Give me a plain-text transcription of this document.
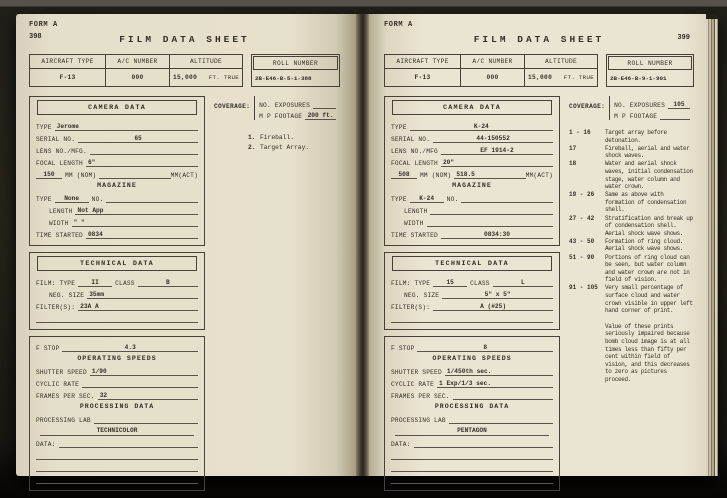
FORM A
398	FILM DATA SHEET
AIRCRAFT TYPE	A/C NUMBER	ALTITUDE
F-13	000	15,000 FT. TRUE
ROLL NUMBER
2B-E46-B-5-1-388
CAMERA DATA
TYPE Jerome
SERIAL NO.	65
LENS NO./MFG.
FOCAL LENGTH 6"
150	MM (NOM)	MM(ACT)
MAGAZINE
TYPE	None	NO.
LENGTH Not App
WIDTH " "
TIME STARTED 0834
TECHNICAL DATA
FILM: TYPE	II	CLASS	B
NEG. SIZE 35mm
FILTER(S): 23A A
F STOP	4.3
OPERATING SPEEDS
SHUTTER SPEED 1/90
CYCLIC RATE
FRAMES PER SEC. 32
PROCESSING DATA
PROCESSING LAB
TECHNICOLOR
DATA:
COVERAGE: NO. EXPOSURES
M P FOOTAGE 200 ft.
1. Fireball.
2. Target Array.
FORM A
399
FILM DATA SHEET
AIRCRAFT TYPE	A/C NUMBER	ALTITUDE
F-13	000	15,000 FT. TRUE
ROLL NUMBER
2B-E46-B-9-1-901
CAMERA DATA
TYPE	K-24
SERIAL NO.	44-150552
LENS NO./MFG	EF 1914-2
FOCAL LENGTH 20"
508	MM (NOM) 518.5	MM(ACT)
MAGAZINE
TYPE	K-24	NO.
LENGTH
WIDTH
TIME STARTED	0834:30
TECHNICAL DATA
FILM: TYPE	15	CLASS	L
NEG. SIZE	5" x 5"
FILTER(S):	A (#25)
F STOP	8
OPERATING SPEEDS
SHUTTER SPEED 1/450th sec.
CYCLIC RATE 1 Exp/1/3 sec.
FRAMES PER SEC.
PROCESSING DATA
PROCESSING LAB
PENTAGON
DATA:
COVERAGE: NO. EXPOSURES	105
M P FOOTAGE
1 - 16	Target array before detonation.
17	Fireball, aerial and water shock waves.
18	Water and aerial shock waves, initial condensation stage, water column and water crown.
19 - 26	Same as above with formation of condensation shell.
27 - 42	Stratification and break up of condensation shell. Aerial shock wave shows.
43 - 50	Formation of ring cloud. Aerial shock wave shows.
51 - 90	Portions of ring cloud can be seen, but water column and water crown are not in field of vision.
91 - 105	Very small percentage of surface cloud and water crown visible in upper left hand corner of print.
Value of these prints seriously impaired because bomb cloud image is at all times less than fifty per cent within field of vision, and this decreases to zero as pictures proceed.
